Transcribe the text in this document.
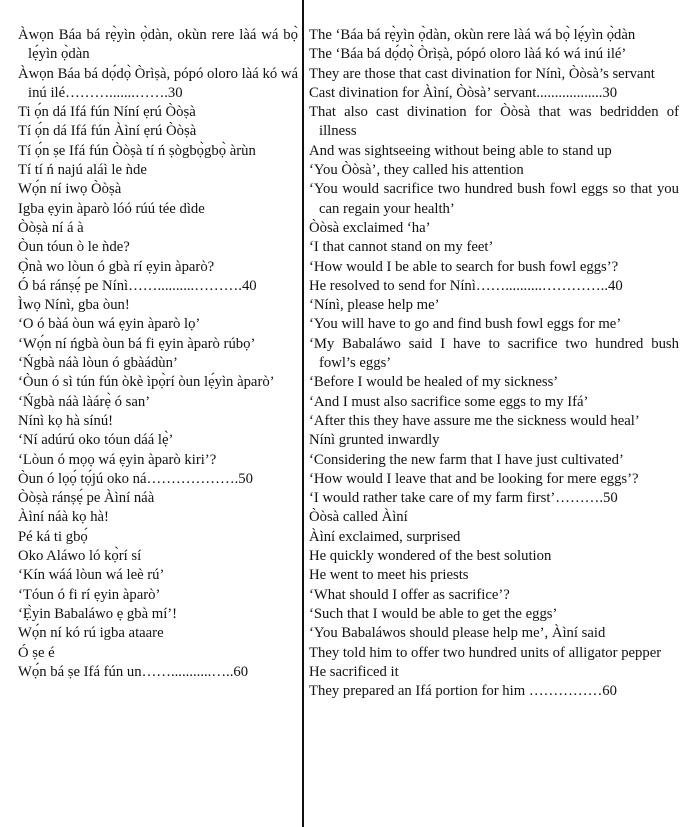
Àwọn Báa bá rẹ̀yìn ọ̀dàn, okùn rere làá wá bọ̀ lẹ́yìn ọ̀dàn

Àwọn Báa bá dọ́dọ̀ Òrìṣà, pópó oloro làá kó wá inú ilé……….......…….30

Ti ọ́n dá Ifá fún Níní ẹrú Òòṣà

Tí ọ́n dá Ifá fún Àìní ẹrú Òòṣà

Tí ọ́n ṣe Ifá fún Òòṣà tí ń ṣògbọ̀gbọ̀ àrùn

Tí tí ń najú aláì le ǹde

Wọ́n ní iwọ Òòṣà

Igba ẹyin àparò lóó rúú tée dìde

Òòṣà ní á à

Òun tóun ò le ǹde?

Ọ̀nà wo lòun ó gbà rí ẹyin àparò?

Ó bá ránṣẹ́ pe Nínì……..........……….40

Ìwọ Nínì, gba òun!

‘O ó bàá òun wá ẹyin àparò lọ’

‘Wọ́n ní ńgbà òun bá fi ẹyin àparò rúbọ’

‘Ńgbà náà lòun ó gbàádùn’

‘Òun ó sì tún fún òkè ìpọ̀rí òun lẹ́yìn àparò’

‘Ńgbà náà làárẹ̀ ó san’

Nínì kọ hà sínú!

‘Ní adúrú oko tóun dáá lẹ̀’

‘Lòun ó mọọ wá ẹyin àparò kiri’?

Òun ó lọọ́ tọ́jú oko ná……………….50

Òòṣà ránṣẹ́ pe Àìní náà

Àìní náà kọ hà!

Pé ká ti gbọ́

Oko Aláwo ló kọ̀rí sí

‘Kín wáá lòun wá leè rú’

‘Tóun ó fi rí ẹyin àparò’

‘Ẹ̀yin Babaláwo ẹ gbà mí’!

Wọ́n ní kó rú igba ataare

Ó ṣe é

Wọ́n bá ṣe Ifá fún un……...........…..60

The ‘Báa bá rẹ̀yìn ọ̀dàn, okùn rere làá wá bọ̀ lẹ́yìn ọ̀dàn

The ‘Báa bá dọ́dọ̀ Òrìṣà, pópó oloro làá kó wá inú ilé’

They are those that cast divination for Nínì, Òòsà’s servant

Cast divination for Àìní, Òòsà’ servant..................30

That also cast divination for Òòsà that was bedridden of illness

And was sightseeing without being able to stand up

‘You Òòsà’, they called his attention

‘You would sacrifice two hundred bush fowl eggs so that you can regain your health’

Òòsà exclaimed ‘ha’

‘I that cannot stand on my feet’

‘How would I be able to search for bush fowl eggs’?

He resolved to send for Nínì……..........…………..40

‘Nínì, please help me’

‘You will have to go and find bush fowl eggs for me’

‘My Babaláwo said I have to sacrifice two hundred bush fowl’s eggs’

‘Before I would be healed of my sickness’

‘And I must also sacrifice some eggs to my Ifá’

‘After this they have assure me the sickness would heal’

Nínì grunted inwardly

‘Considering the new farm that I have just cultivated’

‘How would I leave that and be looking for mere eggs’?

‘I would rather take care of my farm first’……….50

Òòsà called Àìní

Àìní exclaimed, surprised

He quickly wondered of the best solution

He went to meet his priests

‘What should I offer as sacrifice’?

‘Such that I would be able to get the eggs’

‘You Babaláwos should please help me’, Àìní said

They told him to offer two hundred units of alligator pepper

He sacrificed it

They prepared an Ifá portion for him ……………60
